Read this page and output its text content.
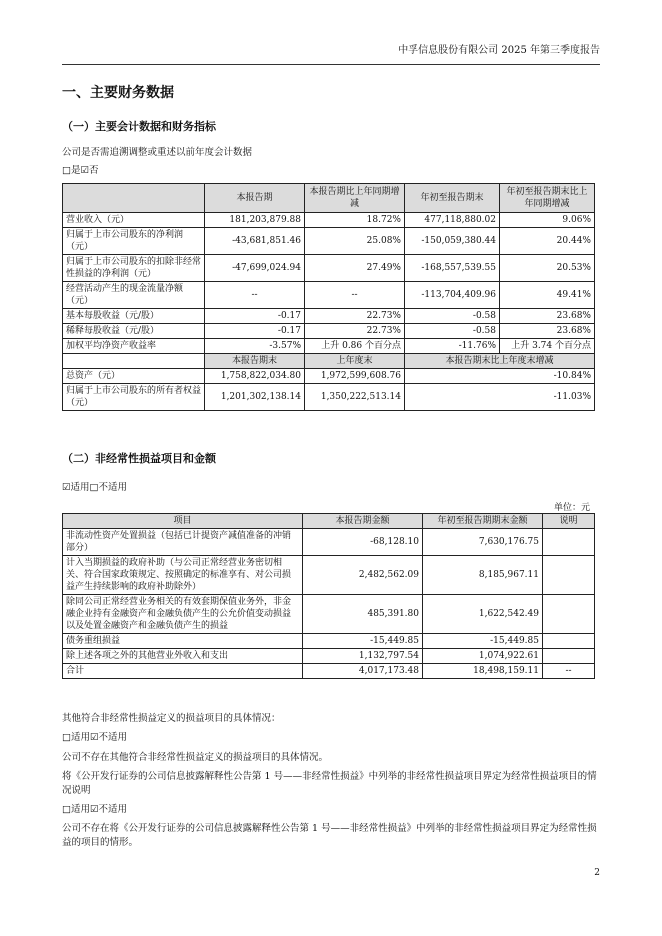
中孚信息股份有限公司 2025 年第三季度报告
一、主要财务数据
（一）主要会计数据和财务指标
公司是否需追溯调整或重述以前年度会计数据
□是☑否
	本报告期	本报告期比上年同期增减	年初至报告期末	年初至报告期末比上年同期增减
营业收入（元）	181,203,879.88	18.72%	477,118,880.02	9.06%
归属于上市公司股东的净利润（元）	-43,681,851.46	25.08%	-150,059,380.44	20.44%
归属于上市公司股东的扣除非经常性损益的净利润（元）	-47,699,024.94	27.49%	-168,557,539.55	20.53%
经营活动产生的现金流量净额（元）	--	--	-113,704,409.96	49.41%
基本每股收益（元/股）	-0.17	22.73%	-0.58	23.68%
稀释每股收益（元/股）	-0.17	22.73%	-0.58	23.68%
加权平均净资产收益率	-3.57%	上升 0.86 个百分点	-11.76%	上升 3.74 个百分点
	本报告期末	上年度末	本报告期末比上年度末增减	
总资产（元）	1,758,822,034.80	1,972,599,608.76	-10.84%	
归属于上市公司股东的所有者权益（元）	1,201,302,138.14	1,350,222,513.14	-11.03%	
（二）非经常性损益项目和金额
☑适用□不适用
单位：元
项目	本报告期金额	年初至报告期期末金额	说明
非流动性资产处置损益（包括已计提资产减值准备的冲销部分）	-68,128.10	7,630,176.75	
计入当期损益的政府补助（与公司正常经营业务密切相关、符合国家政策规定、按照确定的标准享有、对公司损益产生持续影响的政府补助除外）	2,482,562.09	8,185,967.11	
除同公司正常经营业务相关的有效套期保值业务外，非金融企业持有金融资产和金融负债产生的公允价值变动损益以及处置金融资产和金融负债产生的损益	485,391.80	1,622,542.49	
债务重组损益	-15,449.85	-15,449.85	
除上述各项之外的其他营业外收入和支出	1,132,797.54	1,074,922.61	
合计	4,017,173.48	18,498,159.11	--
其他符合非经常性损益定义的损益项目的具体情况：
□适用☑不适用
公司不存在其他符合非经常性损益定义的损益项目的具体情况。
将《公开发行证券的公司信息披露解释性公告第 1 号——非经常性损益》中列举的非经常性损益项目界定为经常性损益项目的情况说明
□适用☑不适用
公司不存在将《公开发行证券的公司信息披露解释性公告第 1 号——非经常性损益》中列举的非经常性损益项目界定为经常性损益的项目的情形。
2
